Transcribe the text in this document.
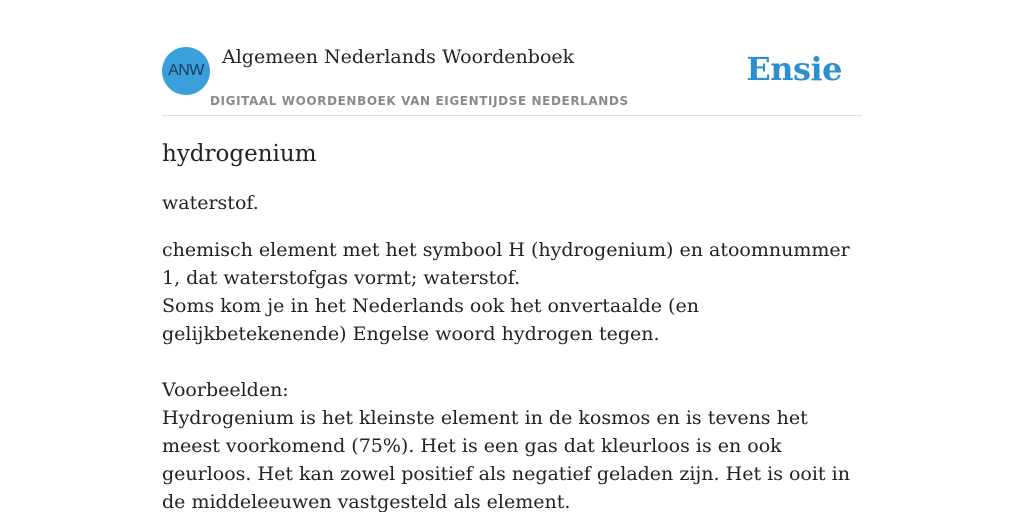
ANW
Algemeen Nederlands Woordenboek
DIGITAAL WOORDENBOEK VAN EIGENTIJDSE NEDERLANDS
Ensie
hydrogenium

waterstof.

chemisch element met het symbool H (hydrogenium) en atoomnummer 1, dat waterstofgas vormt; waterstof.
Soms kom je in het Nederlands ook het onvertaalde (en gelijkbetekenende) Engelse woord hydrogen tegen.

Voorbeelden:
Hydrogenium is het kleinste element in de kosmos en is tevens het meest voorkomend (75%). Het is een gas dat kleurloos is en ook geurloos. Het kan zowel positief als negatief geladen zijn. Het is ooit in de middeleeuwen vastgesteld als element.
